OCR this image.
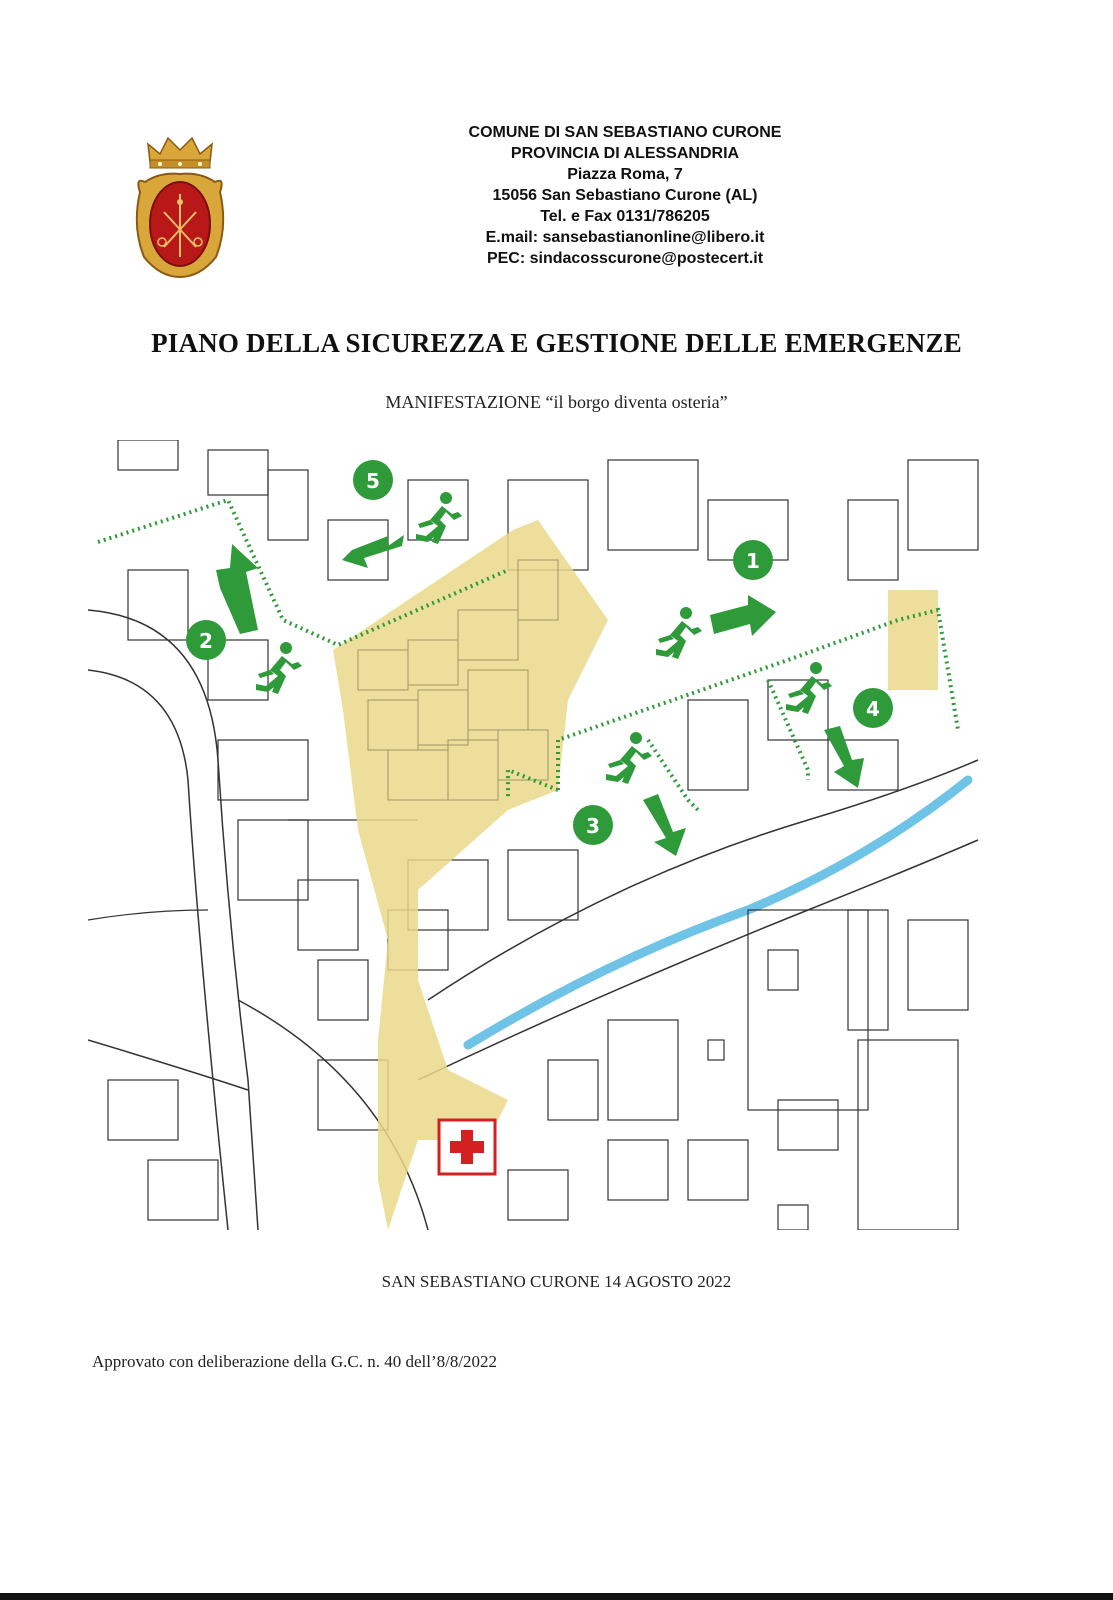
COMUNE DI SAN SEBASTIANO CURONE
PROVINCIA DI ALESSANDRIA
Piazza Roma, 7
15056 San Sebastiano Curone (AL)
Tel. e Fax 0131/786205
E.mail: sansebastianonline@libero.it
PEC: sindacosscurone@postecert.it
PIANO DELLA SICUREZZA E GESTIONE DELLE EMERGENZE
MANIFESTAZIONE “il borgo diventa osteria”
1
2
3
4
5
SAN SEBASTIANO CURONE 14 AGOSTO 2022
Approvato con deliberazione della G.C. n. 40 dell’8/8/2022
